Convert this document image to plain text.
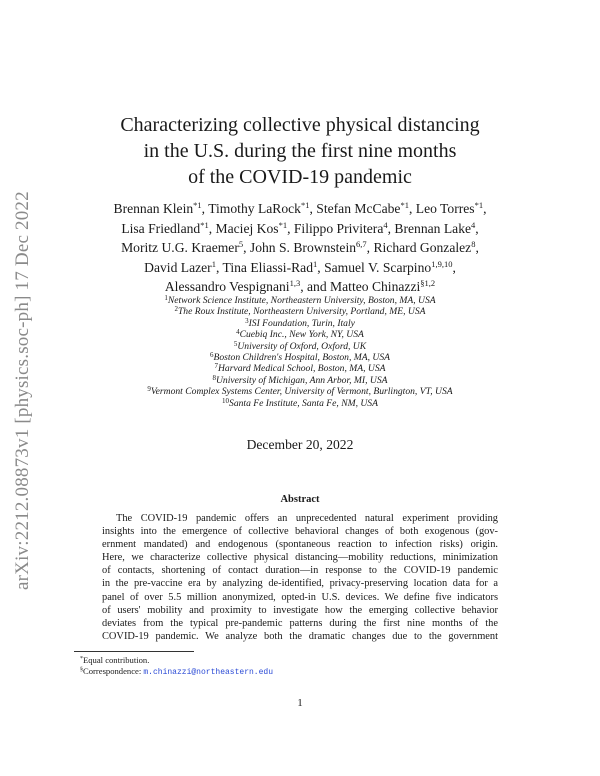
arXiv:2212.08873v1 [physics.soc-ph] 17 Dec 2022
Characterizing collective physical distancing
in the U.S. during the first nine months
of the COVID-19 pandemic
Brennan Klein$^{*1}$, Timothy LaRock$^{*1}$, Stefan McCabe$^{*1}$, Leo Torres$^{*1}$,
Lisa Friedland$^{*1}$, Maciej Kos$^{*1}$, Filippo Privitera$^4$, Brennan Lake$^4$,
Moritz U.G. Kraemer$^5$, John S. Brownstein$^{6,7}$, Richard Gonzalez$^8$,
David Lazer$^1$, Tina Eliassi-Rad$^1$, Samuel V. Scarpino$^{1,9,10}$,
Alessandro Vespignani$^{1,3}$, and Matteo Chinazzi$^{\S 1,2}$
$^1$Network Science Institute, Northeastern University, Boston, MA, USA
$^2$The Roux Institute, Northeastern University, Portland, ME, USA
$^3$ISI Foundation, Turin, Italy
$^4$Cuebiq Inc., New York, NY, USA
$^5$University of Oxford, Oxford, UK
$^6$Boston Children's Hospital, Boston, MA, USA
$^7$Harvard Medical School, Boston, MA, USA
$^8$University of Michigan, Ann Arbor, MI, USA
$^9$Vermont Complex Systems Center, University of Vermont, Burlington, VT, USA
$^{10}$Santa Fe Institute, Santa Fe, NM, USA
December 20, 2022
Abstract
The COVID-19 pandemic offers an unprecedented natural experiment providing
insights into the emergence of collective behavioral changes of both exogenous (gov-
ernment mandated) and endogenous (spontaneous reaction to infection risks) origin.
Here, we characterize collective physical distancing—mobility reductions, minimization
of contacts, shortening of contact duration—in response to the COVID-19 pandemic
in the pre-vaccine era by analyzing de-identified, privacy-preserving location data for a
panel of over 5.5 million anonymized, opted-in U.S. devices. We define five indicators
of users' mobility and proximity to investigate how the emerging collective behavior
deviates from the typical pre-pandemic patterns during the first nine months of the
COVID-19 pandemic. We analyze both the dramatic changes due to the government
*Equal contribution.
§Correspondence: m.chinazzi@northeastern.edu
1
